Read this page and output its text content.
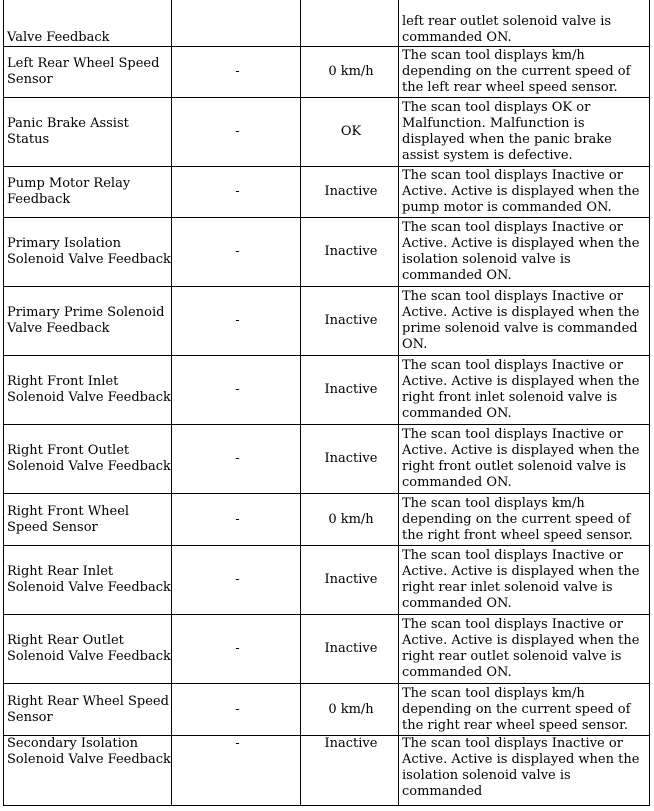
Valve Feedback			left rear outlet solenoid valve is commanded ON.
Left Rear Wheel Speed Sensor	-	0 km/h	The scan tool displays km/h depending on the current speed of the left rear wheel speed sensor.
Panic Brake Assist Status	-	OK	The scan tool displays OK or Malfunction. Malfunction is displayed when the panic brake assist system is defective.
Pump Motor Relay Feedback	-	Inactive	The scan tool displays Inactive or Active. Active is displayed when the pump motor is commanded ON.
Primary Isolation Solenoid Valve Feedback	-	Inactive	The scan tool displays Inactive or Active. Active is displayed when the isolation solenoid valve is commanded ON.
Primary Prime Solenoid Valve Feedback	-	Inactive	The scan tool displays Inactive or Active. Active is displayed when the prime solenoid valve is commanded ON.
Right Front Inlet Solenoid Valve Feedback	-	Inactive	The scan tool displays Inactive or Active. Active is displayed when the right front inlet solenoid valve is commanded ON.
Right Front Outlet Solenoid Valve Feedback	-	Inactive	The scan tool displays Inactive or Active. Active is displayed when the right front outlet solenoid valve is commanded ON.
Right Front Wheel Speed Sensor	-	0 km/h	The scan tool displays km/h depending on the current speed of the right front wheel speed sensor.
Right Rear Inlet Solenoid Valve Feedback	-	Inactive	The scan tool displays Inactive or Active. Active is displayed when the right rear inlet solenoid valve is commanded ON.
Right Rear Outlet Solenoid Valve Feedback	-	Inactive	The scan tool displays Inactive or Active. Active is displayed when the right rear outlet solenoid valve is commanded ON.
Right Rear Wheel Speed Sensor	-	0 km/h	The scan tool displays km/h depending on the current speed of the right rear wheel speed sensor.
Secondary Isolation Solenoid Valve Feedback	-	Inactive	The scan tool displays Inactive or Active. Active is displayed when the isolation solenoid valve is commanded
